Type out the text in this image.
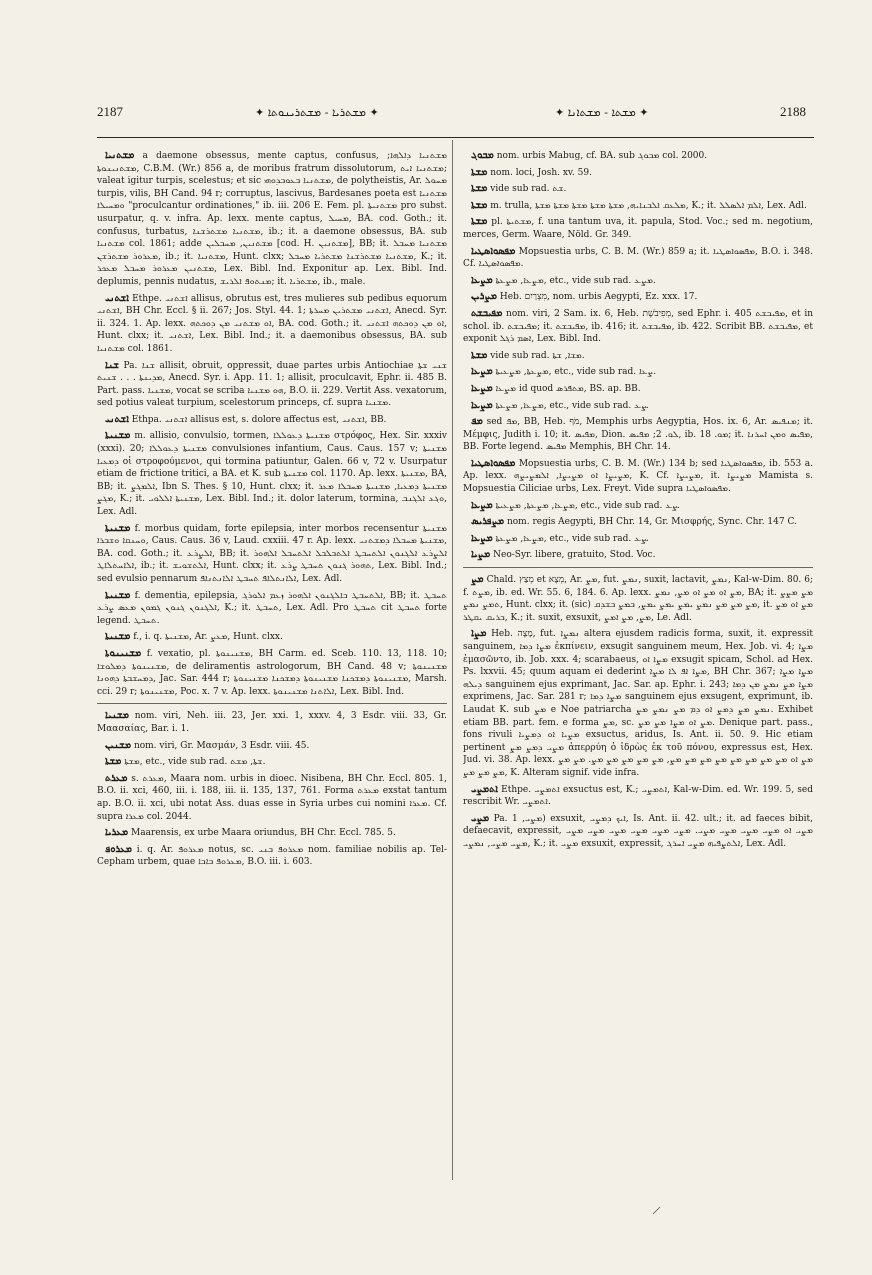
2187	✦ ܡܫܬܪܝܐ - ܡܫܬܪܝܢܘܬܐ ✦	✦ ܡܫܬܐ - ܡܫܬܐܢܐ ✦	2188

ܡܫܬܢܝܐ a daemone obsessus, mente captus, confusus, ܡܫܬܢܝܐ ܕܐܠܗܐ; ܡܫܬܢܝܢܘܬܐ, C.B.M. (Wr.) 856 a, de moribus fratrum dissolutorum, ܡܫܬܢܝܐ ܐܝܬ; valeat igitur turpis, scelestus; et sic ܡܫܬܢܝܐ ܒܥܘܒܕܘܗܝ, de polytheistis, Ar. ܡܚܘܠ turpis, vilis, BH Cand. 94 r; corruptus, lascivus, Bardesanes poeta est ܡܫܬܢܝܐ ܘܡܚܝܠܐ "proculcantur ordinationes," ib. iii. 206 E. Fem. pl. ܡܫܬܢܝܬܐ pro subst. usurpatur, q. v. infra. Ap. lexx. mente captus, ܡܚܝܠ, BA. cod. Goth.; it. confusus, turbatus, ܡܫܬܢܝܐ ܡܫܬܪܫܢܐ, ib.; it. a daemone obsessus, BA. sub ܡܫܬܢܝܐ col. 1861; adde ܡܫܬܢܝܢ, ܡܚܒܠܝܢ [cod. H. ܡܫܬܢܝܢ], BB; it. ܡܫܬܢܝܐ ܡܚܒܠ ܡܥܪܘܪ ܡܫܬܪܫܢ, ib.; it. ܡܫܬܢܝܐ, Hunt. clxx; ܡܫܬܢܝܐ ܡܫܬܪܫܢܐ ܡܫܬܪܝܐ ܡܚܒܠ, K.; it. ܡܫܬܢܝܢ ܡܥܪܘܪ ܡܚܒܠ ܡܥܟܪ, Lex. Bibl. Ind. Exponitur ap. Lex. Bibl. Ind. deplumis, pennis nudatus, ܡܢܬܘܦ ܐܠܪܝܫ; it. ܡܫܬܪܝܐ, ib., male.

ܐܫܬܢܝ Ethpe. ܐܫܬܢܝ allisus, obrutus est, tres mulieres sub pedibus equorum ܐܫܬܢܝ, BH Chr. Eccl. § ii. 267; Jos. Styl. 44. 1; ܐܫܬܢܝ ܡܫܬܪܝܢ ܡܚܪܬܐ, Anecd. Syr. ii. 324. 1. Ap. lexx. ܐܘ ܡܫܬܢܝ ܡܢ ܕܘܟܬܗ, BA. cod. Goth.; it. ܐܘ ܡܢ ܕܘܟܬܗ ܐܫܬܢܝ, Hunt. clxx; it. ܐܫܬܢܝ, Lex. Bibl. Ind.; it. a daemonibus obsessus, BA. sub ܡܫܬܢܝܐ col. 1861.

ܫܢܐ Pa. ܫܢܐ allisit, obruit, oppressit, duae partes urbis Antiochiae ܫܢܝ ܫܬܐ ܡܕܝܢܬܐ . . . ܫܢܝܬ, Anecd. Syr. i. App. 11. 1; allisit, proculcavit, Ephr. ii. 485 B. Part. pass. ܡܫܢܝܐ, vocat se scriba ܗܘ ܡܫܢܝܐ, B.O. ii. 229. Vertit Ass. vexatorum, sed potius valeat turpium, scelestorum princeps, cf. supra ܡܫܢܝܐ.

ܐܫܬܢܝ Ethpa. ܐܫܬܢܝ allisus est, s. dolore affectus est, ܐܫܬܢܝ, BB.

ܡܫܢܝܬܐ m. allisio, convulsio, tormen, ܡܫܢܝܬܐ ܕܥܘܠܠܐ στρόφος, Hex. Sir. xxxiv (xxxi). 20; ܡܫܢܝܬܐ ܕܥܘܠܠܐ convulsiones infantium, Caus. Caus. 157 v; ܡܫܢܝܬܐ ܕܡܥܝܐ οἱ στροφούμενοι, qui tormina patiuntur, Galen. 66 v, 72 v. Usurpatur etiam de frictione tritici, a BA. et K. sub ܡܫܢܝܬܐ col. 1170. Ap. lexx. ܡܫܢܝܬܐ, BA, BB; it. ܐܠܡܓܨ, Ibn S. Thes. § 10, Hunt. clxx; it. ܡܫܢܝܬܐ ܕܡܥܝܐ, ܡܫܢܝܬܐ ܡܚܒܠܐ ܡܥܪ ܡܓܨ, K.; it. ܡܫܢܝܬܐ ܐܠܠܘܝ, Lex. Bibl. Ind.; it. dolor laterum, tormina, ܘܓܥ ܐܠܓܢܒ, Lex. Adl.

ܡܫܢܝܬܐ f. morbus quidam, forte epilepsia, inter morbos recensentur ܡܫܢܝܬܐ ܘܚܢܩܐ ܘܫܒܪܐ, Caus. Caus. 36 v, Laud. cxxiii. 47 r. Ap. lexx. ܡܫܢܝܬܐ ܡܚܒܠܐ ܕܡܫܬܢܝ, BA. cod. Goth.; it. ܐܠܨܪܥ, BB; it. ܐܠܨܪܥ ܐܠܓܢܘܢ ܐܠܬܚܒܛ ܐܠܬܒܠܒܠ ܐܠܬܚܒܠ ܐܠܗܘܪ ܐܠܐܚܬܠܐܛ, ib.; it. ܐܠܬܫܘܝܫ, Hunt. clxx; it. ܬܗܘܪ ܓܢܘܢ ܬܚܒܛ ܨܪܥ, Lex. Bibl. Ind.; sed evulsio pennarum ܐܠܐܢܬܠܐܦ ܬܚܒܛ ܐܠܐܢܬܢܐܦ, Lex. Adl.

ܡܫܢܝܬܐ f. dementia, epilepsia, ܐܠܬܚܒܛ ܒܐܠܓܢܘܢ ܐܠܗܘܪ ܙܥܡ ܐܠܘܪܓ, BB; it. ܬܚܒܛ ܐܠܓܢܘܢ ܓܢܘܢ ܓܡܘܢ ܡܥܣ ܨܪܥ, K.; it. ܬܚܒܛ, Lex. Adl. Pro ܬܚܒܛ cit ܬܚܒܛ forte legend. ܬܚܒܛ.

ܡܫܢܝܬܐ f., i. q. ܡܫܢܝܬܐ, Ar. ܡܥܨ, Hunt. clxx.

ܡܫܢܝܢܘܬܐ f. vexatio, pl. ܡܫܢܝܢܘܬܐ, BH Carm. ed. Sceb. 110. 13, 118. 10; ܡܫܢܝܢܘܬܐ ܕܡܠܘܫܐ, de deliramentis astrologorum, BH Cand. 48 v; ܡܫܢܝܢܘܬܐ ܕܡܚܫܒܬܐ ܕܗܘܢܐ, Jac. Sar. 444 r; ܡܫܢܝܢܘܬܐ ܕܡܫܟܢܐ ܡܫܢܝܢܘܬܐ ܕܡܫܟܢܐ ܡܫܢܝܢܘܬܐ, Marsh. cci. 29 r; ܡܫܢܝܢܘܬܐ, Poc. x. 7 v. Ap. lexx. ܐܠܐܬܢܐ ܡܫܢܝܢܘܬܐ, Lex. Bibl. Ind.

ܡܫܢܝܐ nom. viri, Neh. iii. 23, Jer. xxi. 1, xxxv. 4, 3 Esdr. viii. 33, Gr. Μαασαίας, Bar. i. 1.

ܡܫܢܝܢ nom. viri, Gr. Μασμάν, 3 Esdr. viii. 45.

ܡܫܬܐ ܡܫܬܐ, etc., vide sub rad. ܫܬܐ, ܡܫܬ.

ܡܥܪܬ s. ܡܥܪܬ, Maara nom. urbis in dioec. Nisibena, BH Chr. Eccl. 805. 1, B.O. ii. xci, 460, iii. i. 188, iii. ii. 135, 137, 761. Forma ܡܥܪܬ exstat tantum ap. B.O. ii. xci, ubi notat Ass. duas esse in Syria urbes cui nomini ܡܥܪܐ. Cf. supra ܡܥܪܐ col. 2044.

ܡܥܪܝܐ Maarensis, ex urbe Maara oriundus, BH Chr. Eccl. 785. 5.

ܡܥܪܘܦ i. q. Ar. ܡܥܪܘܦ notus, sc. ܡܥܪܘܦ ܒܢܝ nom. familiae nobilis ap. Tel-Cepham urbem, quae ܡܥܪܘܦ ܒܐܒܐ, B.O. iii. i. 603.

ܡܒܘܓ nom. urbis Mabug, cf. BA. sub ܡܒܘܓ col. 2000.

ܡܫܬܐ nom. loci, Josh. xv. 59.

ܡܫܬܐ vide sub rad. ܫܬ.

ܡܫܬܐ m. trulla, ܡܠܥܩ ܐܠܒܢܐܝܗ, ܡܫܬܐ ܡܫܬܐ ܡܫܬܐ ܡܫܬܐ ܡܫܬܐ, K.; it. ܐܠܡ ܐܠܣܠܠ, Lex. Adl.

ܡܫܬܐ pl. ܡܫܬܝܬܐ, f. una tantum uva, it. papula, Stod. Voc.; sed m. negotium, merces, Germ. Waare, Nöld. Gr. 349.

ܡܦܣܘܐܣܛܝܐ Mopsuestia urbs, C. B. M. (Wr.) 859 a; it. ܡܦܣܘܐܣܛܝܐ, B.O. i. 348. Cf. ܡܦܣܘܐܣܛܝܐ.

ܡܨܥܐ ܡܨܥܐ, ܡܨܥܬܐ, etc., vide sub rad. ܡܨܥ.

ܡܨܪܝܢ Heb. מִצְרַיִם, nom. urbis Aegypti, Ez. xxx. 17.

ܡܦܝܒܫܬ nom. viri, 2 Sam. ix. 6, Heb. מְפִיבֹשֶׁת, sed Ephr. i. 405 ܡܦܝܒܫܬ, et in schol. ib. ܡܦܝܒܫܬ; it. ܡܦܝܒܫܬ, ib. 416; it. ܡܦܝܒܫܬ, ib. 422. Scribit BB. ܡܦܝܒܫܬ, et exponit ܐܣܡ ܪܓܠ, Lex. Bibl. Ind.

ܡܫܬܐ vide sub rad. ܡܫܐ, ܫܬܐ.

ܡܨܥܐ ܡܨܥܬܐ, ܡܨܥܝܬܐ, etc., vide sub rad. ܨܥܐ.

ܡܨܥܐ ܡܨܥܐ id quod ܡܬܦܪܣ, BS. ap. BB.

ܡܨܥܐ ܡܨܥܐ, ܡܨܥܬܐ, etc., vide sub rad. ܨܥ.

ܡܦ sed ܡܦ, BB, Heb. מֹף, Memphis urbs Aegyptia, Hos. ix. 6, Ar. ܡܢܦܝܣ; it. Μέμφις, Judith i. 10; it. ܡܦܝܣ, Dion. ܠܘ. 2; ܡܦܝܣ, ib. ܡܘ. 18; it. ܡܦܝܣ ܘܡܢ ܐܚܪܢܐ, BB. Forte legend. ܡܦܝܣ Memphis, BH Chr. 14.

ܡܦܣܘܐܣܛܝܐ Mopsuestia urbs, C. B. M. (Wr.) 134 b; sed ܡܦܣܘܐܣܛܝܐ, ib. 553 a. Ap. lexx. ܡܨܝܨܐ ܐܘ ܡܨܝܨܐ, ܐܠܡܨܝܨܗ, K. Cf. ܡܨܝܨܐ, it. ܡܨܝܨܐ Mamista s. Mopsuestia Ciliciae urbs, Lex. Freyt. Vide supra ܡܦܣܘܐܣܛܝܐ.

ܡܨܥܐ ܡܨܥܐ, ܡܨܥܬܐ, ܡܨܥܝܬܐ, etc., vide sub rad. ܨܥ.

ܡܨܦܪܝܣ nom. regis Aegypti, BH Chr. 14, Gr. Μισφρής, Sync. Chr. 147 C.

ܡܨܥܐ ܡܨܥܐ, ܡܨܥܬܐ, etc., vide sub rad. ܨܥ.

ܡܨܝܐ Neo-Syr. libere, gratuito, Stod. Voc.

ܡܨ Chald. מְצַץ et מְצָא, Ar. ܡܨ, fut. ܢܡܨ, suxit, lactavit, ܢܡܨ, Kal-w-Dim. 80. 6; f. ܡܨܬ, ib. ed. Wr. 55. 6, 184. 6. Ap. lexx. ܡܨ ܐܘ ܡܨ ܐܘ ܡܨ, ܢܡܨ, BA; it. ܡܨ ܡܨܨ ܬܡܨ ܢܡܨ, Hunt. clxx; it. (sic) ܡܨ ܡܨ ܡܨ ܢܡܨ ܝܡܨ ܝܡܨ ܝܡܨ, ܒܡܨ ܒܫܕܩ, it. ܡܨ ܐܘ ܡܨ ܒܪܝܩ ܝܩܛܪ, K.; it. suxit, exsuxit, ܡܨ, ܡܨ ܐܡܨ, Le. Adl.

ܡܨܐ Heb. מָצָה, fut. ܢܡܨܐ altera ejusdem radicis forma, suxit, it. expressit sanguinem, ܡܨܐ ܕܡܐ ἐκπίνειν, exsugit sanguinem meum, Hex. Job. vi. 4; ܡܨܐ ἐμασῶντο, ib. Job. xxx. 4; scarabaeus, ܡܨܐ ܐܘ exsugit spicam, Schol. ad Hex. Ps. lxxvii. 45; quum aquam ei dederint ܡܨܐ ܐܦ ܠܐ ܡܨܐ, BH Chr. 367; ܡܨܐ ܡܨܐ ܕܝܠܗ sanguinem ejus exprimant, Jac. Sar. ap. Ephr. i. 243; ܡܨܐ ܡܨ ܢܡܨ ܡܢ ܕܡܐ exprimens, Jac. Sar. 281 r; ܡܨܐ ܕܡܐ sanguinem ejus exsugent, exprimunt, ib. Laudat K. sub ܡܨ e Noe patriarcha ܢܡܨ ܡܨ ܕܡܨ ܐܘ ܕܡ ܡܨ ܢܡܨ ܡܨ. Exhibet etiam BB. part. fem. e forma ܡܨ, sc. ܡܨ ܐܘ ܡܨܐ ܡܨ ܡܨ. Denique part. pass., fons rivuli ܡܨܝܐ ܐܘ ܕܡܨܝܐ exsuctus, aridus, Is. Ant. ii. 50. 9. Hic etiam pertinent ܡܨܝ ܕܡܨ ܡܨ ἀπερρύη ὁ ἱδρὼς ἐκ τοῦ πόνου, expressus est, Hex. Jud. vi. 38. Ap. lexx. ܡܨ ܐܘ ܡܨ ܡܨ ܡܨ ܡܨ ܡܨ ܡܨ ܡܨ ܡܨ, ܡܨ ܡܨ ܡܨ ܡܨ ܡܨ. ܡܨ ܡܨ ܡܨ ܡܨ ܡܨ, K. Alteram signif. vide infra.

ܐܬܡܨܝ Ethpe. ܐܬܡܨܝ exsuctus est, K.; ܐܬܡܨܝ, Kal-w-Dim. ed. Wr. 199. 5, sed rescribit Wr. ܐܬܡܨܝ.

ܡܨܝ Pa. ܡܨܝ, 1) exsuxit, ܐܝܟ ܕܡܨܝ, Is. Ant. ii. 42. ult.; it. ad faeces bibit, defaecavit, expressit, ܡܨܝ ܐܘ ܡܨܝ ܡܨܝ ܡܨܝ ܡܨܝ. ܡܨܝ ܡܨܝ ܡܨܝ ܡܨܝ ܡܨܝ ܡܨܝ ܡܨܝ ܡܨܝ, ܢܡܨܝ, K.; it. ܡܨܝ exsuxit, expressit, ܐܠܬܨܦܝܗ ܡܨܝ ܐܚܪܓ, Lex. Adl.
